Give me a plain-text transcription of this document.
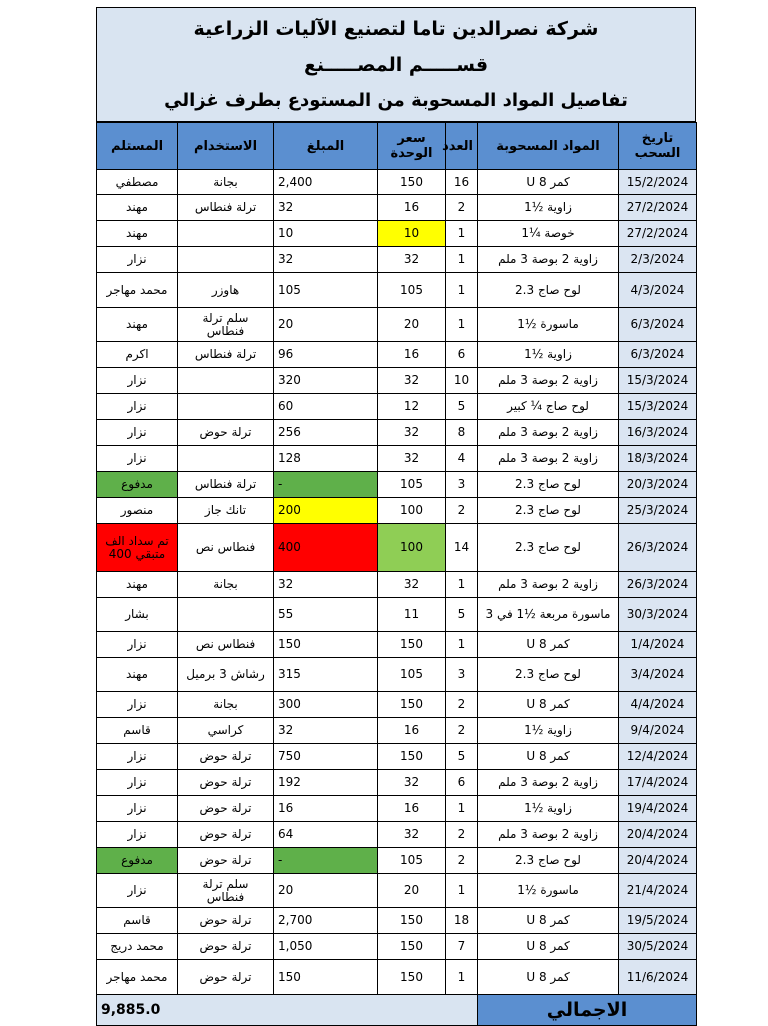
شركة نصرالدين تاما لتصنيع الآليات الزراعية
قســـــم المصـــــنع
تفاصيل المواد المسحوبة من المستودع بطرف غزالي
تاريخ السحب	المواد المسحوبة	العدد	سعر الوحدة	المبلغ	الاستخدام	المستلم
15/2/2024	كمر 8 U	16	150	2,400	بجانة	مصطفي
27/2/2024	زاوية ½1	2	16	32	ترلة فنطاس	مهند
27/2/2024	خوصة ¼1	1	10	10		مهند
2/3/2024	زاوية 2 بوصة 3 ملم	1	32	32		نزار
4/3/2024	لوح صاج 2.3	1	105	105	هاوزر	محمد مهاجر
6/3/2024	ماسورة ½1	1	20	20	سلم ترلة فنطاس	مهند
6/3/2024	زاوية ½1	6	16	96	ترلة فنطاس	اكرم
15/3/2024	زاوية 2 بوصة 3 ملم	10	32	320		نزار
15/3/2024	لوح صاج ¼ كبير	5	12	60		نزار
16/3/2024	زاوية 2 بوصة 3 ملم	8	32	256	ترلة حوض	نزار
18/3/2024	زاوية 2 بوصة 3 ملم	4	32	128		نزار
20/3/2024	لوح صاج 2.3	3	105	-	ترلة فنطاس	مدفوع
25/3/2024	لوح صاج 2.3	2	100	200	تانك جاز	منصور
26/3/2024	لوح صاج 2.3	14	100	400	فنطاس نص	تم سداد الف متبقي 400
26/3/2024	زاوية 2 بوصة 3 ملم	1	32	32	بجانة	مهند
30/3/2024	ماسورة مربعة ½1 في 3	5	11	55		بشار
1/4/2024	كمر 8 U	1	150	150	فنطاس نص	نزار
3/4/2024	لوح صاج 2.3	3	105	315	رشاش 3 برميل	مهند
4/4/2024	كمر 8 U	2	150	300	بجانة	نزار
9/4/2024	زاوية ½1	2	16	32	كراسي	قاسم
12/4/2024	كمر 8 U	5	150	750	ترلة حوض	نزار
17/4/2024	زاوية 2 بوصة 3 ملم	6	32	192	ترلة حوض	نزار
19/4/2024	زاوية ½1	1	16	16	ترلة حوض	نزار
20/4/2024	زاوية 2 بوصة 3 ملم	2	32	64	ترلة حوض	نزار
20/4/2024	لوح صاج 2.3	2	105	-	ترلة حوض	مدفوع
21/4/2024	ماسورة ½1	1	20	20	سلم ترلة فنطاس	نزار
19/5/2024	كمر 8 U	18	150	2,700	ترلة حوض	قاسم
30/5/2024	كمر 8 U	7	150	1,050	ترلة حوض	محمد دريج
11/6/2024	كمر 8 U	1	150	150	ترلة حوض	محمد مهاجر
الاجمالي		9,885.0				
